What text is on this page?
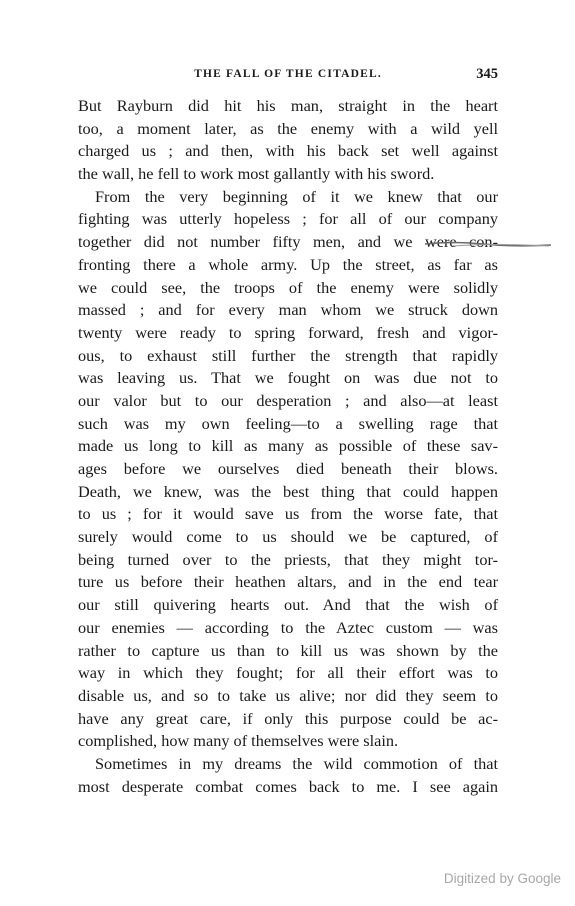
THE FALL OF THE CITADEL.	345
But Rayburn did hit his man, straight in the heart
too, a moment later, as the enemy with a wild yell
charged us ; and then, with his back set well against
the wall, he fell to work most gallantly with his sword.
From the very beginning of it we knew that our
fighting was utterly hopeless ; for all of our company
together did not number fifty men, and we were con-
fronting there a whole army. Up the street, as far as
we could see, the troops of the enemy were solidly
massed ; and for every man whom we struck down
twenty were ready to spring forward, fresh and vigor-
ous, to exhaust still further the strength that rapidly
was leaving us. That we fought on was due not to
our valor but to our desperation ; and also—at least
such was my own feeling—to a swelling rage that
made us long to kill as many as possible of these sav-
ages before we ourselves died beneath their blows.
Death, we knew, was the best thing that could happen
to us ; for it would save us from the worse fate, that
surely would come to us should we be captured, of
being turned over to the priests, that they might tor-
ture us before their heathen altars, and in the end tear
our still quivering hearts out. And that the wish of
our enemies — according to the Aztec custom — was
rather to capture us than to kill us was shown by the
way in which they fought; for all their effort was to
disable us, and so to take us alive; nor did they seem to
have any great care, if only this purpose could be ac-
complished, how many of themselves were slain.
Sometimes in my dreams the wild commotion of that
most desperate combat comes back to me. I see again
Digitized by Google
